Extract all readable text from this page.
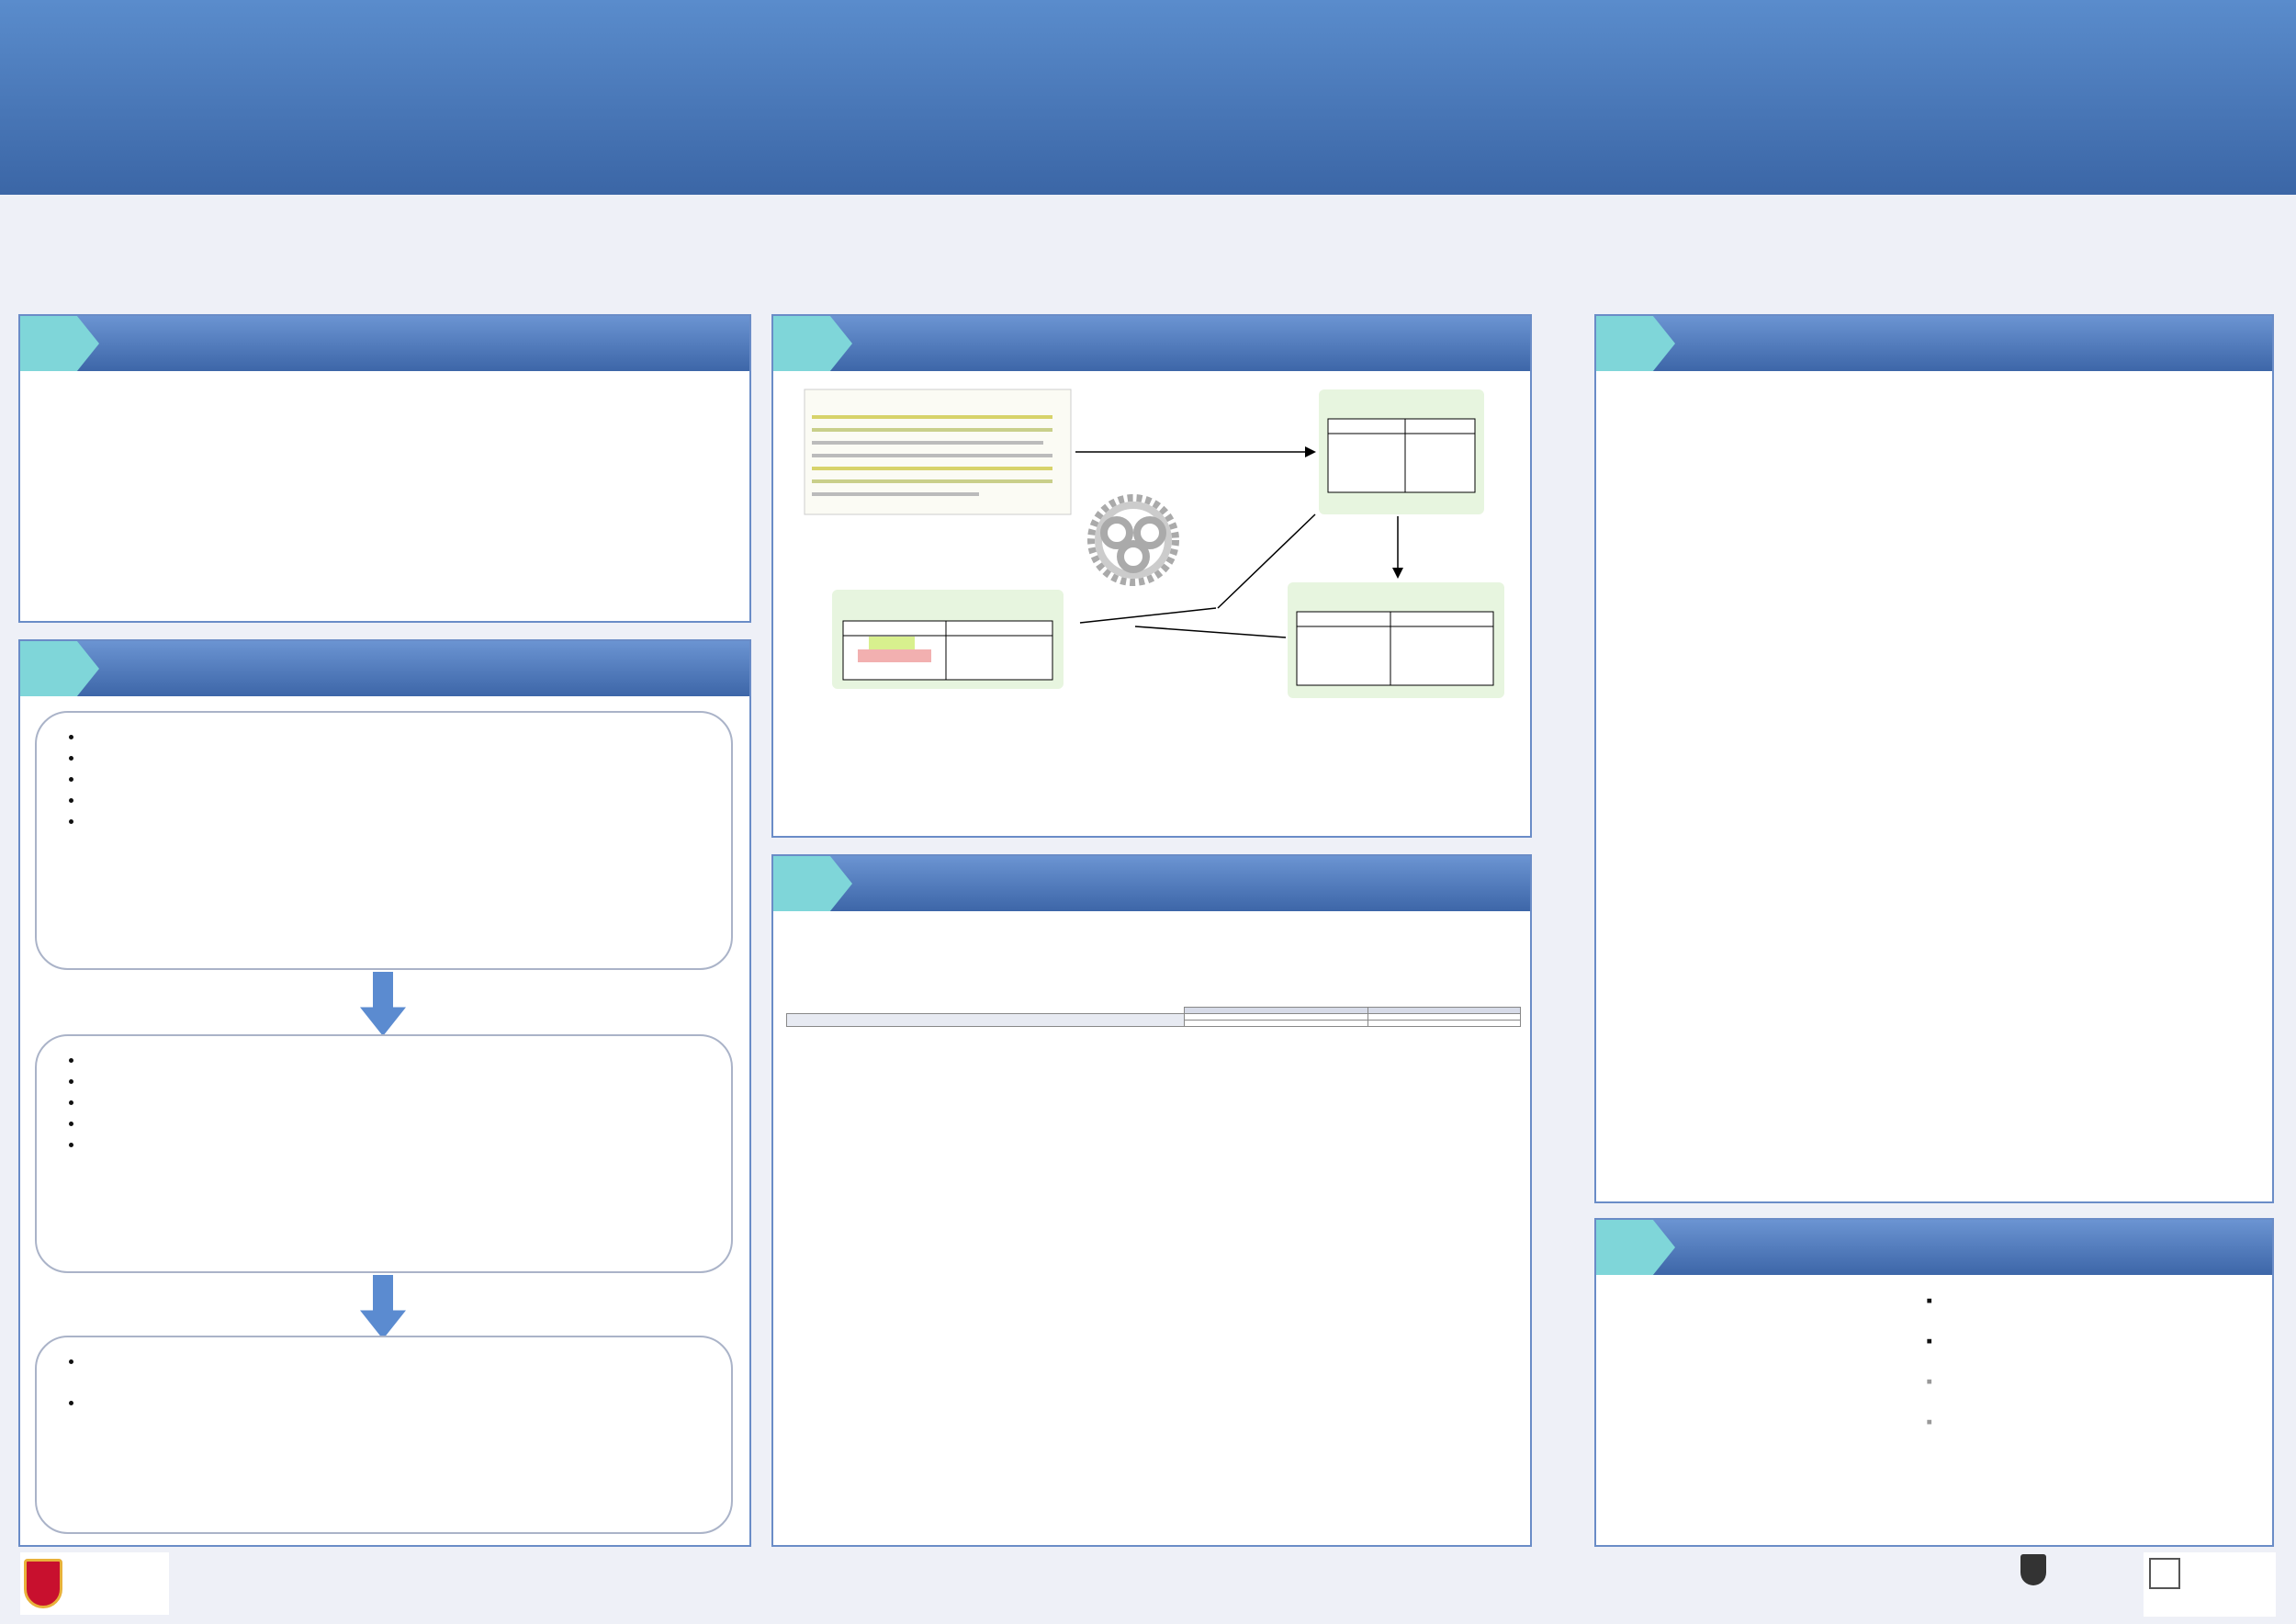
•
•
•
•
•
•
•
•
•
•
•
•

▪

▪

▪

▪
